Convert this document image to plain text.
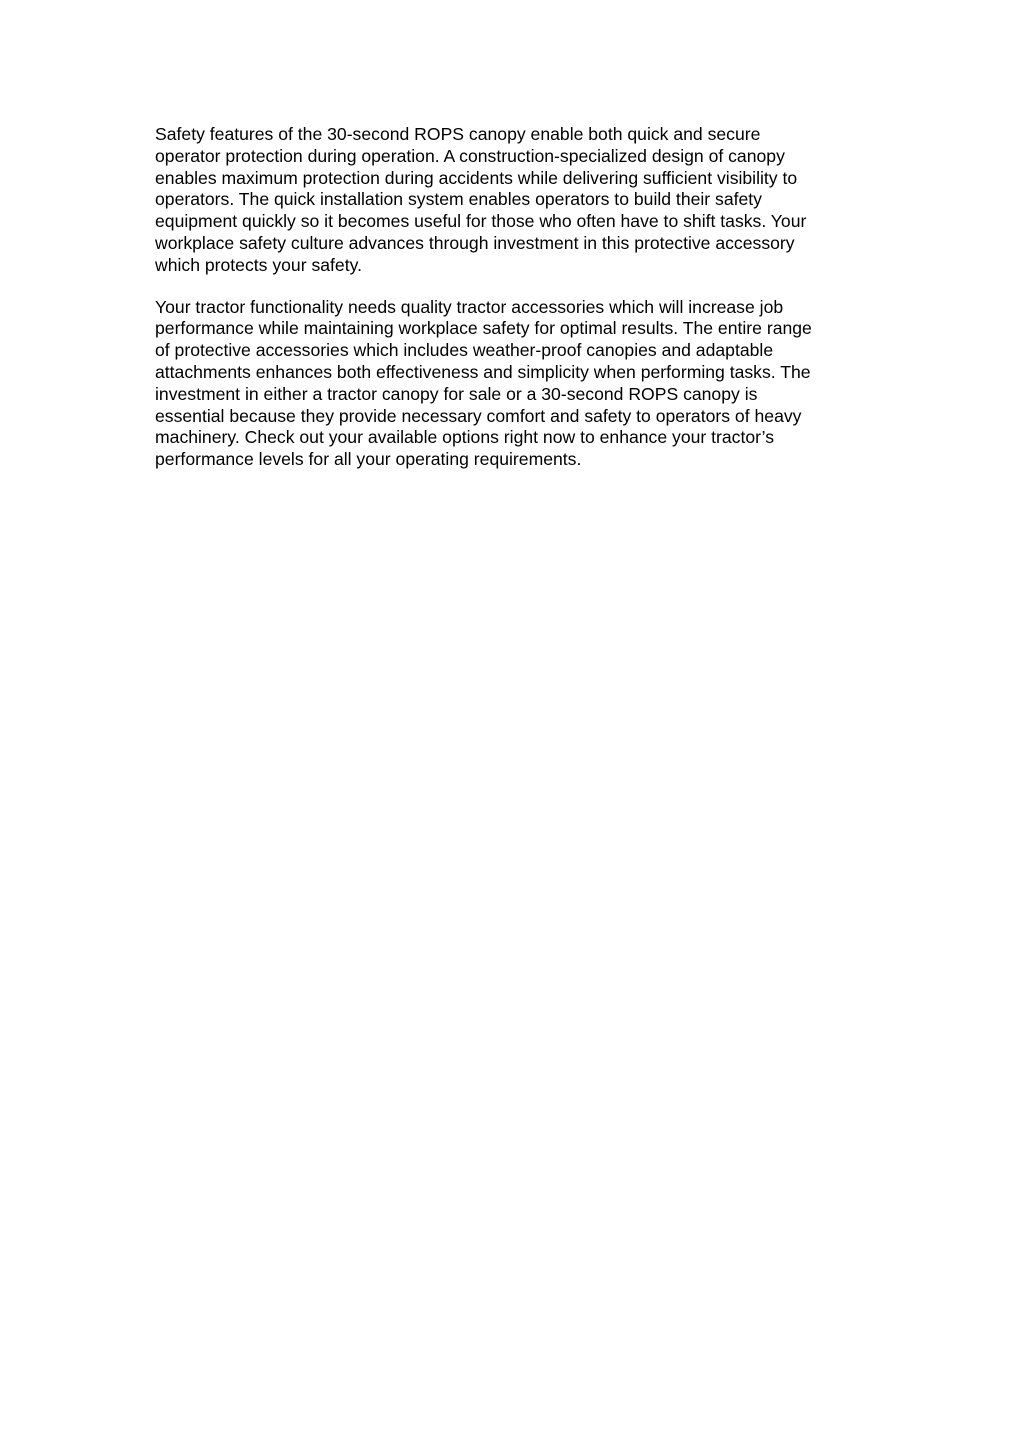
Safety features of the 30-second ROPS canopy enable both quick and secure
operator protection during operation. A construction-specialized design of canopy
enables maximum protection during accidents while delivering sufficient visibility to
operators. The quick installation system enables operators to build their safety
equipment quickly so it becomes useful for those who often have to shift tasks. Your
workplace safety culture advances through investment in this protective accessory
which protects your safety.

Your tractor functionality needs quality tractor accessories which will increase job
performance while maintaining workplace safety for optimal results. The entire range
of protective accessories which includes weather-proof canopies and adaptable
attachments enhances both effectiveness and simplicity when performing tasks. The
investment in either a tractor canopy for sale or a 30-second ROPS canopy is
essential because they provide necessary comfort and safety to operators of heavy
machinery. Check out your available options right now to enhance your tractor’s
performance levels for all your operating requirements.
